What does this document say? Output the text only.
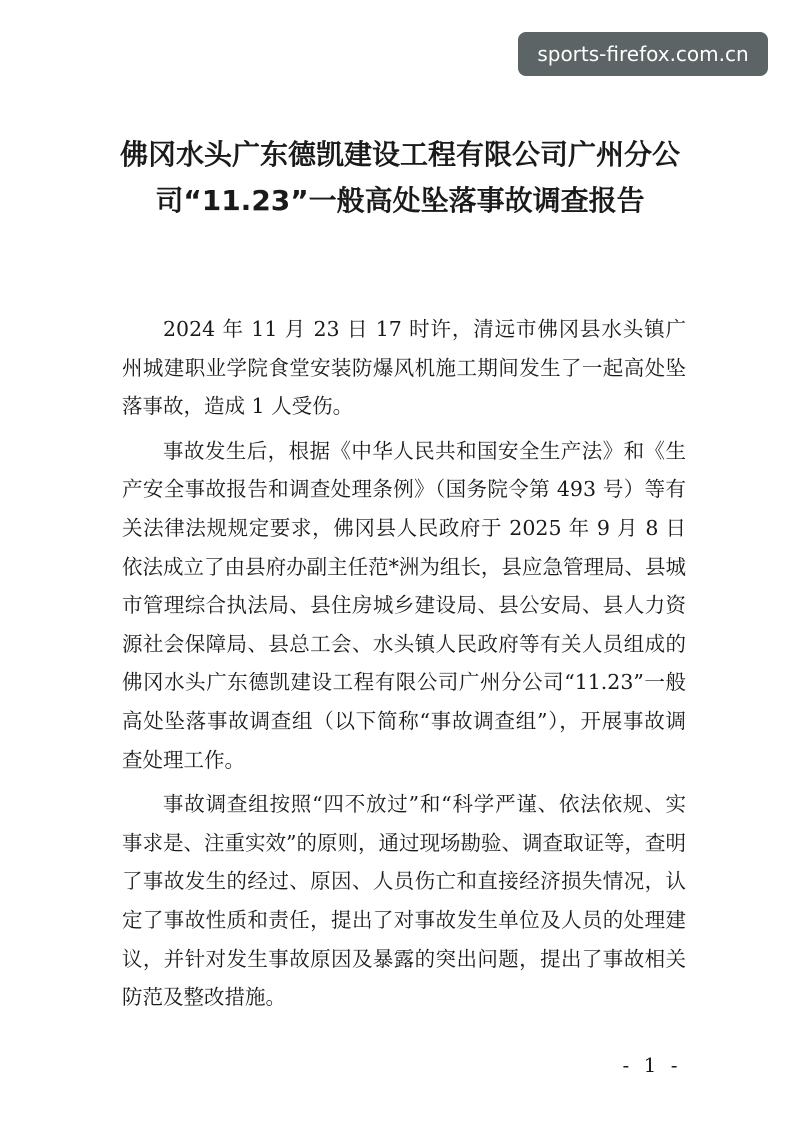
sports-firefox.com.cn
佛冈水头广东德凯建设工程有限公司广州分公司“11.23”一般高处坠落事故调查报告

2024 年 11 月 23 日 17 时许，清远市佛冈县水头镇广州城建职业学院食堂安装防爆风机施工期间发生了一起高处坠落事故，造成 1 人受伤。

事故发生后，根据《中华人民共和国安全生产法》和《生产安全事故报告和调查处理条例》（国务院令第 493 号）等有关法律法规规定要求，佛冈县人民政府于 2025 年 9 月 8 日依法成立了由县府办副主任范*洲为组长，县应急管理局、县城市管理综合执法局、县住房城乡建设局、县公安局、县人力资源社会保障局、县总工会、水头镇人民政府等有关人员组成的佛冈水头广东德凯建设工程有限公司广州分公司“11.23”一般高处坠落事故调查组（以下简称“事故调查组”），开展事故调查处理工作。

事故调查组按照“四不放过”和“科学严谨、依法依规、实事求是、注重实效”的原则，通过现场勘验、调查取证等，查明了事故发生的经过、原因、人员伤亡和直接经济损失情况，认定了事故性质和责任，提出了对事故发生单位及人员的处理建议，并针对发生事故原因及暴露的突出问题，提出了事故相关防范及整改措施。

- 1 -
